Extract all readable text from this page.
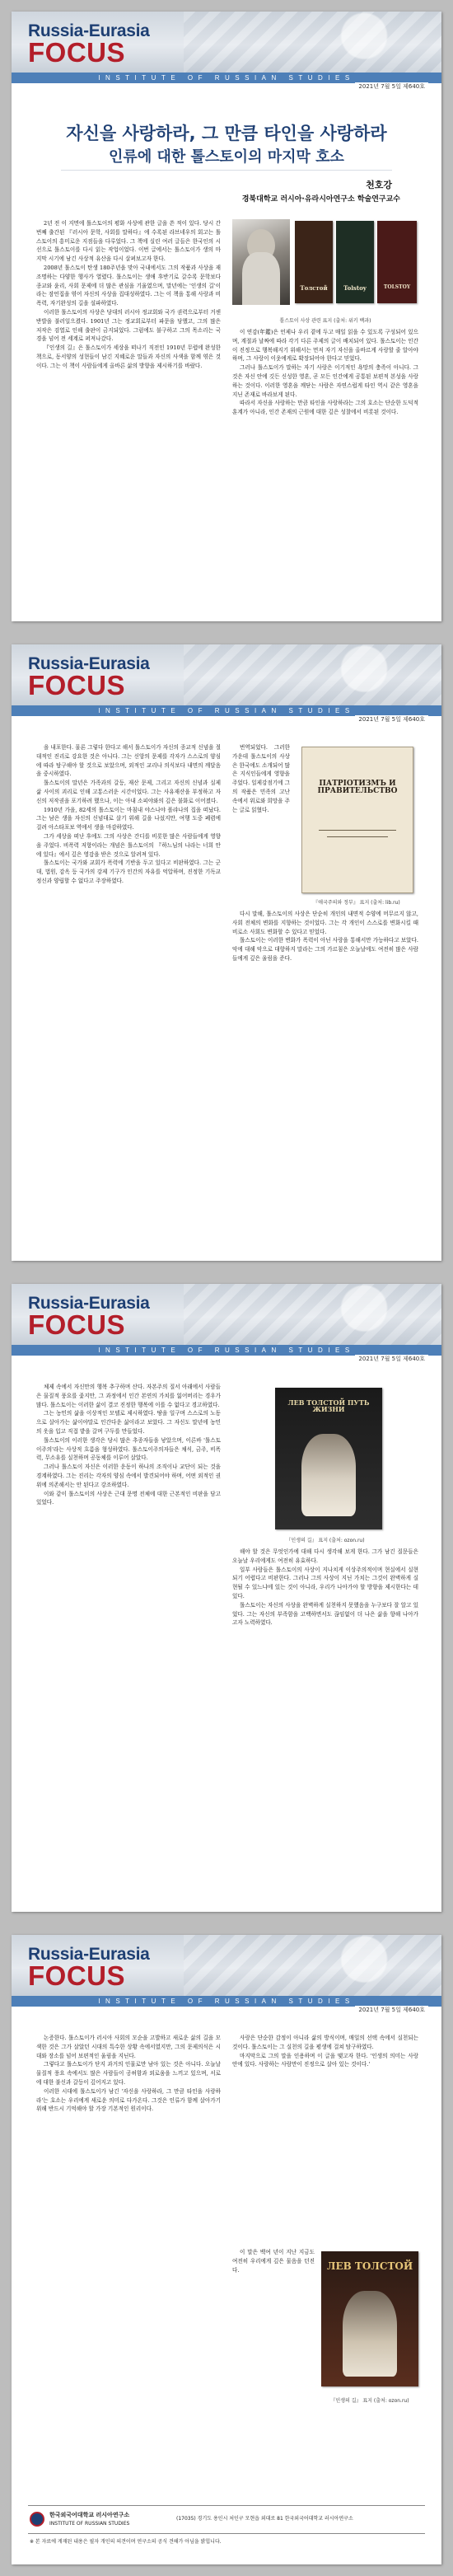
Russia-Eurasia
FOCUS
INSTITUTE OF RUSSIAN STUDIES
2021년 7월 5일 제640호
자신을 사랑하라, 그 만큼 타인을 사랑하라
인류에 대한 톨스토이의 마지막 호소
천호강
경북대학교 러시아·유라시아연구소 학술연구교수

2년 전 이 지면에 톨스토이의 평화 사상에 관한 글을 쓴 적이 있다. 당시 간 번째 출간된 『러시아 문학, 사회를 말하다』에 수록된 라브네우의 회고는 톨스토이의 흥미로운 지점들을 다루었다. 그 책에 실린 여러 글들은 한국인의 시선으로 톨스토이를 다시 읽는 작업이었다. 이번 글에서는 톨스토이가 생의 마지막 시기에 남긴 사상적 유산을 다시 살펴보고자 한다.

2008년 톨스토이 탄생 180주년을 맞아 국내에서도 그의 작품과 사상을 재조명하는 다양한 행사가 열렸다. 톨스토이는 생애 후반기로 갈수록 문학보다 종교와 윤리, 사회 문제에 더 많은 관심을 기울였으며, 말년에는 '인생의 길'이라는 잠언집을 엮어 자신의 사상을 집대성하였다. 그는 이 책을 통해 사랑과 비폭력, 자기완성의 길을 설파하였다.

이러한 톨스토이의 사상은 당대의 러시아 정교회와 국가 권력으로부터 거센 반발을 불러일으켰다. 1901년 그는 정교회로부터 파문을 당했고, 그의 많은 저작은 검열로 인해 출판이 금지되었다. 그럼에도 불구하고 그의 목소리는 국경을 넘어 전 세계로 퍼져나갔다.

『인생의 길』은 톨스토이가 세상을 떠나기 직전인 1910년 무렵에 완성한 책으로, 동서양의 성현들이 남긴 지혜로운 말들과 자신의 사색을 함께 엮은 것이다. 그는 이 책이 사람들에게 올바른 삶의 방향을 제시하기를 바랐다.

Толстой	Tolstoy	TOLSTOY
톨스토이 사상 관련 표지 (출처: 위키 백과)

이 연감(年鑑)은 언제나 우리 곁에 두고 매일 읽을 수 있도록 구성되어 있으며, 계절과 날짜에 따라 각기 다른 주제의 글이 배치되어 있다. 톨스토이는 인간이 진정으로 행복해지기 위해서는 먼저 자기 자신을 올바르게 사랑할 줄 알아야 하며, 그 사랑이 이웃에게로 확장되어야 한다고 믿었다.

그러나 톨스토이가 말하는 자기 사랑은 이기적인 욕망의 충족이 아니다. 그것은 자신 안에 깃든 신성한 영혼, 곧 모든 인간에게 공통된 보편적 본성을 사랑하는 것이다. 이러한 영혼을 깨닫는 사람은 자연스럽게 타인 역시 같은 영혼을 지닌 존재로 바라보게 된다.

따라서 자신을 사랑하는 만큼 타인을 사랑하라는 그의 호소는 단순한 도덕적 훈계가 아니라, 인간 존재의 근원에 대한 깊은 성찰에서 비롯된 것이다.

Russia-Eurasia
FOCUS
INSTITUTE OF RUSSIAN STUDIES
2021년 7월 5일 제640호

을 내포한다. 물론 그렇다 한다고 해서 톨스토이가 자신의 종교적 신념을 절대적인 진리로 강요한 것은 아니다. 그는 신앙의 문제를 각자가 스스로의 양심에 따라 탐구해야 할 것으로 보았으며, 외적인 교리나 의식보다 내면의 깨달음을 중시하였다.

톨스토이의 말년은 가족과의 갈등, 재산 문제, 그리고 자신의 신념과 실제 삶 사이의 괴리로 인해 고통스러운 시간이었다. 그는 사유재산을 부정하고 자신의 저작권을 포기하려 했으나, 이는 아내 소피야와의 깊은 불화로 이어졌다.

1910년 가을, 82세의 톨스토이는 마침내 야스나야 폴랴나의 집을 떠났다. 그는 남은 생을 자신의 신념대로 살기 위해 길을 나섰지만, 여행 도중 폐렴에 걸려 아스타포보 역에서 생을 마감하였다.

그가 세상을 떠난 후에도 그의 사상은 간디를 비롯한 많은 사람들에게 영향을 주었다. 비폭력 저항이라는 개념은 톨스토이의 『하느님의 나라는 너희 안에 있다』에서 깊은 영감을 받은 것으로 알려져 있다.

톨스토이는 국가와 교회가 폭력에 기반을 두고 있다고 비판하였다. 그는 군대, 법원, 감옥 등 국가의 강제 기구가 인간의 자유를 억압하며, 진정한 기독교 정신과 양립할 수 없다고 주장하였다.

번역되었다. 그러한 가운데 톨스토이의 사상은 한국에도 소개되어 많은 지식인들에게 영향을 주었다. 일제강점기에 그의 작품은 민족의 고난 속에서 위로와 희망을 주는 글로 읽혔다.

ПАТРІОТИЗМЪ И ПРАВИТЕЛЬСТВО
『애국주의와 정부』 표지 (출처: lib.ru)

다시 말해, 톨스토이의 사상은 단순히 개인의 내면적 수양에 머무르지 않고, 사회 전체의 변화를 지향하는 것이었다. 그는 각 개인이 스스로를 변화시킬 때 비로소 사회도 변화할 수 있다고 믿었다.

톨스토이는 이러한 변화가 폭력이 아닌 사랑을 통해서만 가능하다고 보았다. 악에 대해 악으로 대항하지 말라는 그의 가르침은 오늘날에도 여전히 많은 사람들에게 깊은 울림을 준다.

Russia-Eurasia
FOCUS
INSTITUTE OF RUSSIAN STUDIES
2021년 7월 5일 제640호

체제 속에서 자신만의 행복 추구하며 산다. 자본주의 질서 아래에서 사람들은 물질적 풍요를 좇지만, 그 과정에서 인간 본연의 가치를 잃어버리는 경우가 많다. 톨스토이는 이러한 삶이 결코 진정한 행복에 이를 수 없다고 경고하였다.

그는 농민의 삶을 이상적인 모델로 제시하였다. 땅을 일구며 스스로의 노동으로 살아가는 삶이야말로 인간다운 삶이라고 보았다. 그 자신도 말년에 농민의 옷을 입고 직접 밭을 갈며 구두를 만들었다.

톨스토이의 이러한 생각은 당시 많은 추종자들을 낳았으며, 이른바 '톨스토이주의'라는 사상적 흐름을 형성하였다. 톨스토이주의자들은 채식, 금주, 비폭력, 무소유를 실천하며 공동체를 이루어 살았다.

그러나 톨스토이 자신은 이러한 운동이 하나의 조직이나 교단이 되는 것을 경계하였다. 그는 진리는 각자의 양심 속에서 발견되어야 하며, 어떤 외적인 권위에 의존해서는 안 된다고 강조하였다.

이와 같이 톨스토이의 사상은 근대 문명 전체에 대한 근본적인 비판을 담고 있었다.

ЛЕВ ТОЛСТОЙ ПУТЬ ЖИЗНИ
『인생의 길』 표지 (출처: ozon.ru)

해야 할 것은 무엇인가에 대해 다시 생각해 보게 한다. 그가 남긴 질문들은 오늘날 우리에게도 여전히 유효하다.

일부 사람들은 톨스토이의 사상이 지나치게 이상주의적이며 현실에서 실현되기 어렵다고 비판한다. 그러나 그의 사상이 지닌 가치는 그것이 완벽하게 실현될 수 있느냐에 있는 것이 아니라, 우리가 나아가야 할 방향을 제시한다는 데 있다.

톨스토이는 자신의 사상을 완벽하게 실천하지 못했음을 누구보다 잘 알고 있었다. 그는 자신의 부족함을 고백하면서도 끊임없이 더 나은 삶을 향해 나아가고자 노력하였다.

Russia-Eurasia
FOCUS
INSTITUTE OF RUSSIAN STUDIES
2021년 7월 5일 제640호

논증한다. 톨스토이가 러시아 사회의 모순을 고발하고 새로운 삶의 길을 모색한 것은 그가 살았던 시대의 특수한 상황 속에서였지만, 그의 문제의식은 시대와 장소를 넘어 보편적인 울림을 지닌다.

그렇다고 톨스토이가 단지 과거의 인물로만 남아 있는 것은 아니다. 오늘날 물질적 풍요 속에서도 많은 사람들이 공허함과 외로움을 느끼고 있으며, 서로에 대한 불신과 갈등이 깊어지고 있다.

이러한 시대에 톨스토이가 남긴 '자신을 사랑하라, 그 만큼 타인을 사랑하라'는 호소는 우리에게 새로운 의미로 다가온다. 그것은 인류가 함께 살아가기 위해 반드시 기억해야 할 가장 기본적인 원리이다.

사랑은 단순한 감정이 아니라 삶의 방식이며, 매일의 선택 속에서 실천되는 것이다. 톨스토이는 그 실천의 길을 평생에 걸쳐 탐구하였다.

마지막으로 그의 말을 인용하며 이 글을 맺고자 한다. '인생의 의미는 사랑 안에 있다. 사랑하는 사람만이 진정으로 살아 있는 것이다.'

이 말은 백여 년이 지난 지금도 여전히 우리에게 깊은 물음을 던진다.	ЛЕВ ТОЛСТОЙ
『인생의 길』 표지 (출처: ozon.ru)
한국외국어대학교 러시아연구소
INSTITUTE OF RUSSIAN STUDIES
(17035) 경기도 용인시 처인구 모현읍 외대로 81 한국외국어대학교 러시아연구소
※ 본 자료에 게재된 내용은 필자 개인의 의견이며 연구소의 공식 견해가 아님을 밝힙니다.
